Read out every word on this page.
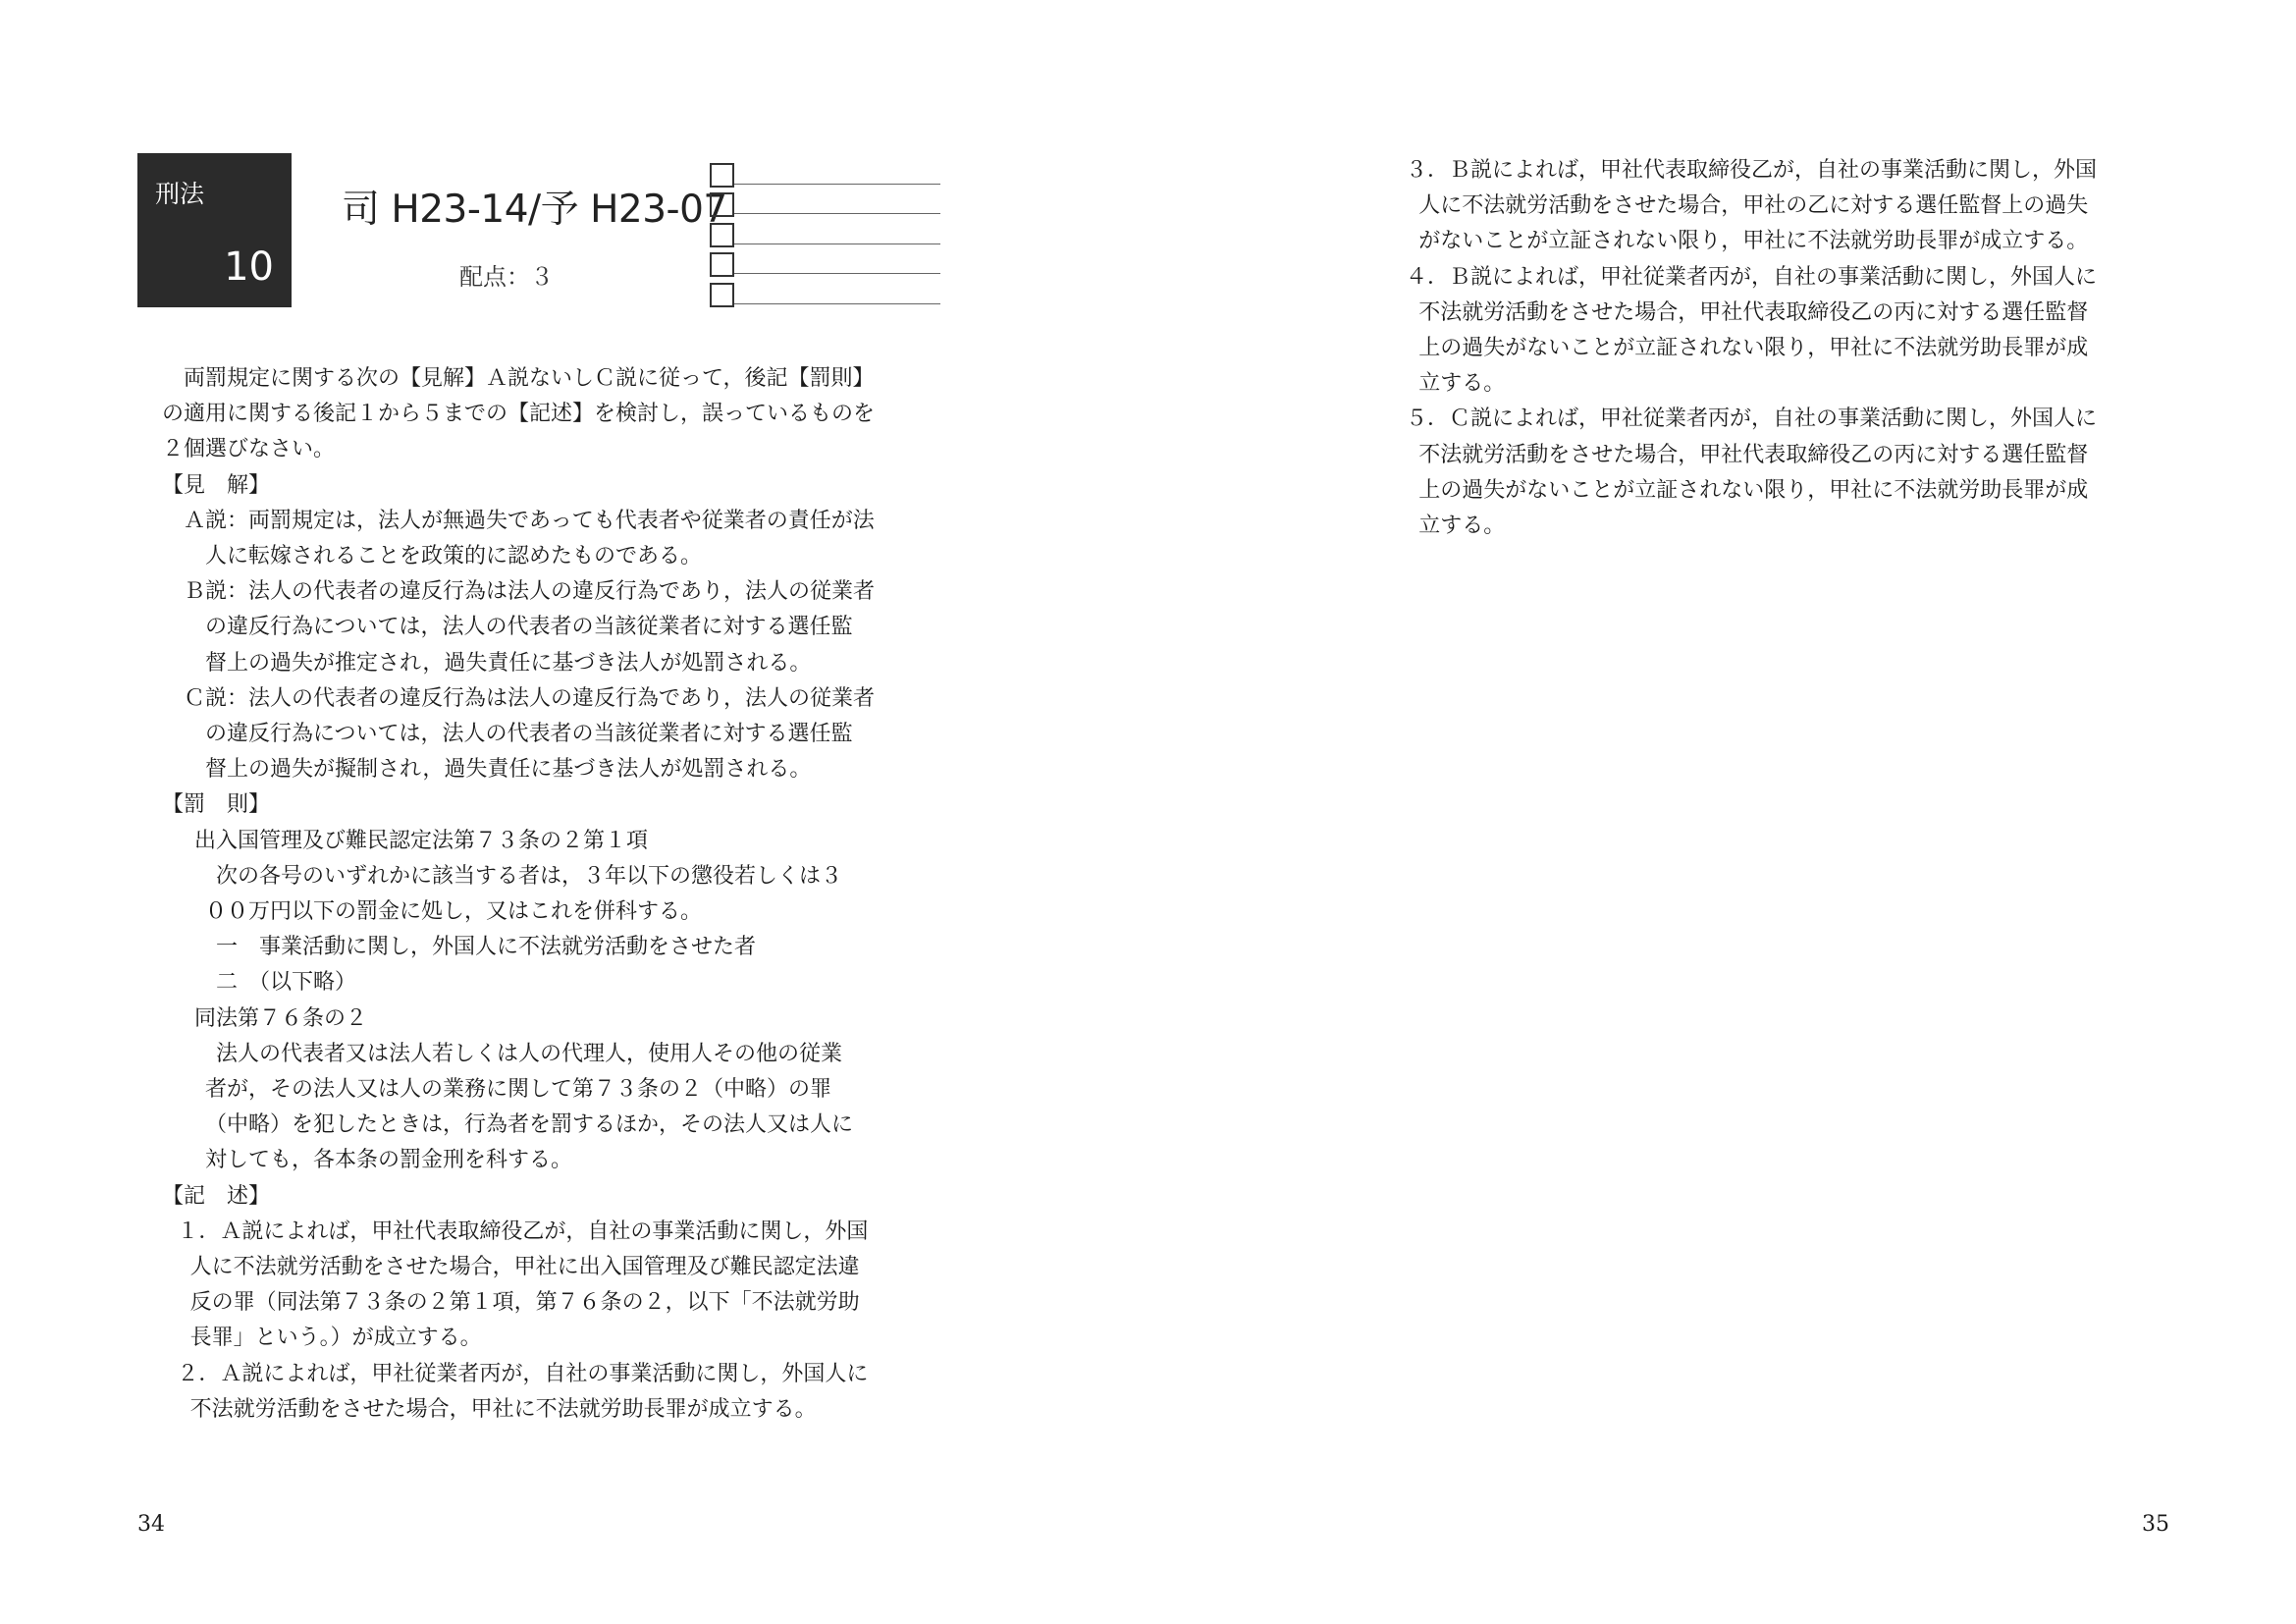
刑法
10
司 H23-14/予 H23-07
配点：３
両罰規定に関する次の【見解】Ａ説ないしＣ説に従って，後記【罰則】
の適用に関する後記１から５までの【記述】を検討し，誤っているものを
２個選びなさい。
【見　解】
Ａ説：両罰規定は，法人が無過失であっても代表者や従業者の責任が法
人に転嫁されることを政策的に認めたものである。
Ｂ説：法人の代表者の違反行為は法人の違反行為であり，法人の従業者
の違反行為については，法人の代表者の当該従業者に対する選任監
督上の過失が推定され，過失責任に基づき法人が処罰される。
Ｃ説：法人の代表者の違反行為は法人の違反行為であり，法人の従業者
の違反行為については，法人の代表者の当該従業者に対する選任監
督上の過失が擬制され，過失責任に基づき法人が処罰される。
【罰　則】
出入国管理及び難民認定法第７３条の２第１項
次の各号のいずれかに該当する者は，３年以下の懲役若しくは３
００万円以下の罰金に処し，又はこれを併科する。
一　事業活動に関し，外国人に不法就労活動をさせた者
二　（以下略）
同法第７６条の２
法人の代表者又は法人若しくは人の代理人，使用人その他の従業
者が，その法人又は人の業務に関して第７３条の２（中略）の罪
（中略）を犯したときは，行為者を罰するほか，その法人又は人に
対しても，各本条の罰金刑を科する。
【記　述】
１．Ａ説によれば，甲社代表取締役乙が，自社の事業活動に関し，外国
人に不法就労活動をさせた場合，甲社に出入国管理及び難民認定法違
反の罪（同法第７３条の２第１項，第７６条の２，以下「不法就労助
長罪」という。）が成立する。
２．Ａ説によれば，甲社従業者丙が，自社の事業活動に関し，外国人に
不法就労活動をさせた場合，甲社に不法就労助長罪が成立する。
34
３．Ｂ説によれば，甲社代表取締役乙が，自社の事業活動に関し，外国
人に不法就労活動をさせた場合，甲社の乙に対する選任監督上の過失
がないことが立証されない限り，甲社に不法就労助長罪が成立する。
４．Ｂ説によれば，甲社従業者丙が，自社の事業活動に関し，外国人に
不法就労活動をさせた場合，甲社代表取締役乙の丙に対する選任監督
上の過失がないことが立証されない限り，甲社に不法就労助長罪が成
立する。
５．Ｃ説によれば，甲社従業者丙が，自社の事業活動に関し，外国人に
不法就労活動をさせた場合，甲社代表取締役乙の丙に対する選任監督
上の過失がないことが立証されない限り，甲社に不法就労助長罪が成
立する。
35
